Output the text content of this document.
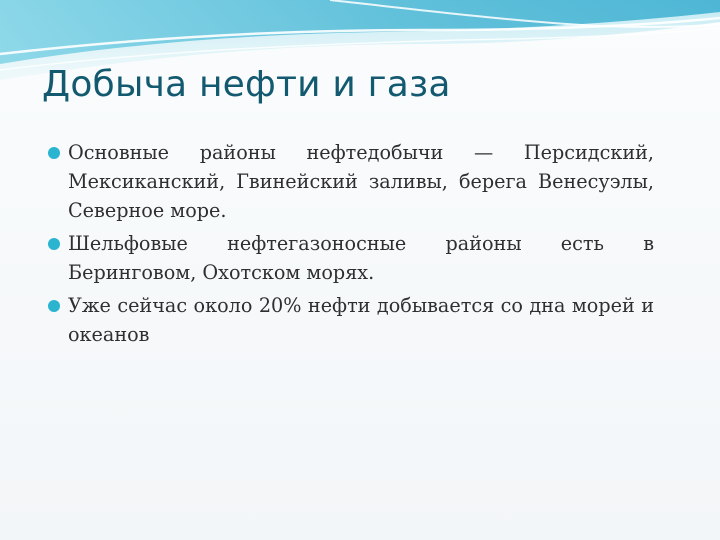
Добыча нефти и газа
Основные районы нефтедобычи — Персидский, Мексиканский, Гвинейский заливы, берега Венесуэлы, Северное море.
Шельфовые нефтегазоносные районы есть в Беринговом, Охотском морях.
Уже сейчас около 20% нефти добывается со дна морей и океанов
